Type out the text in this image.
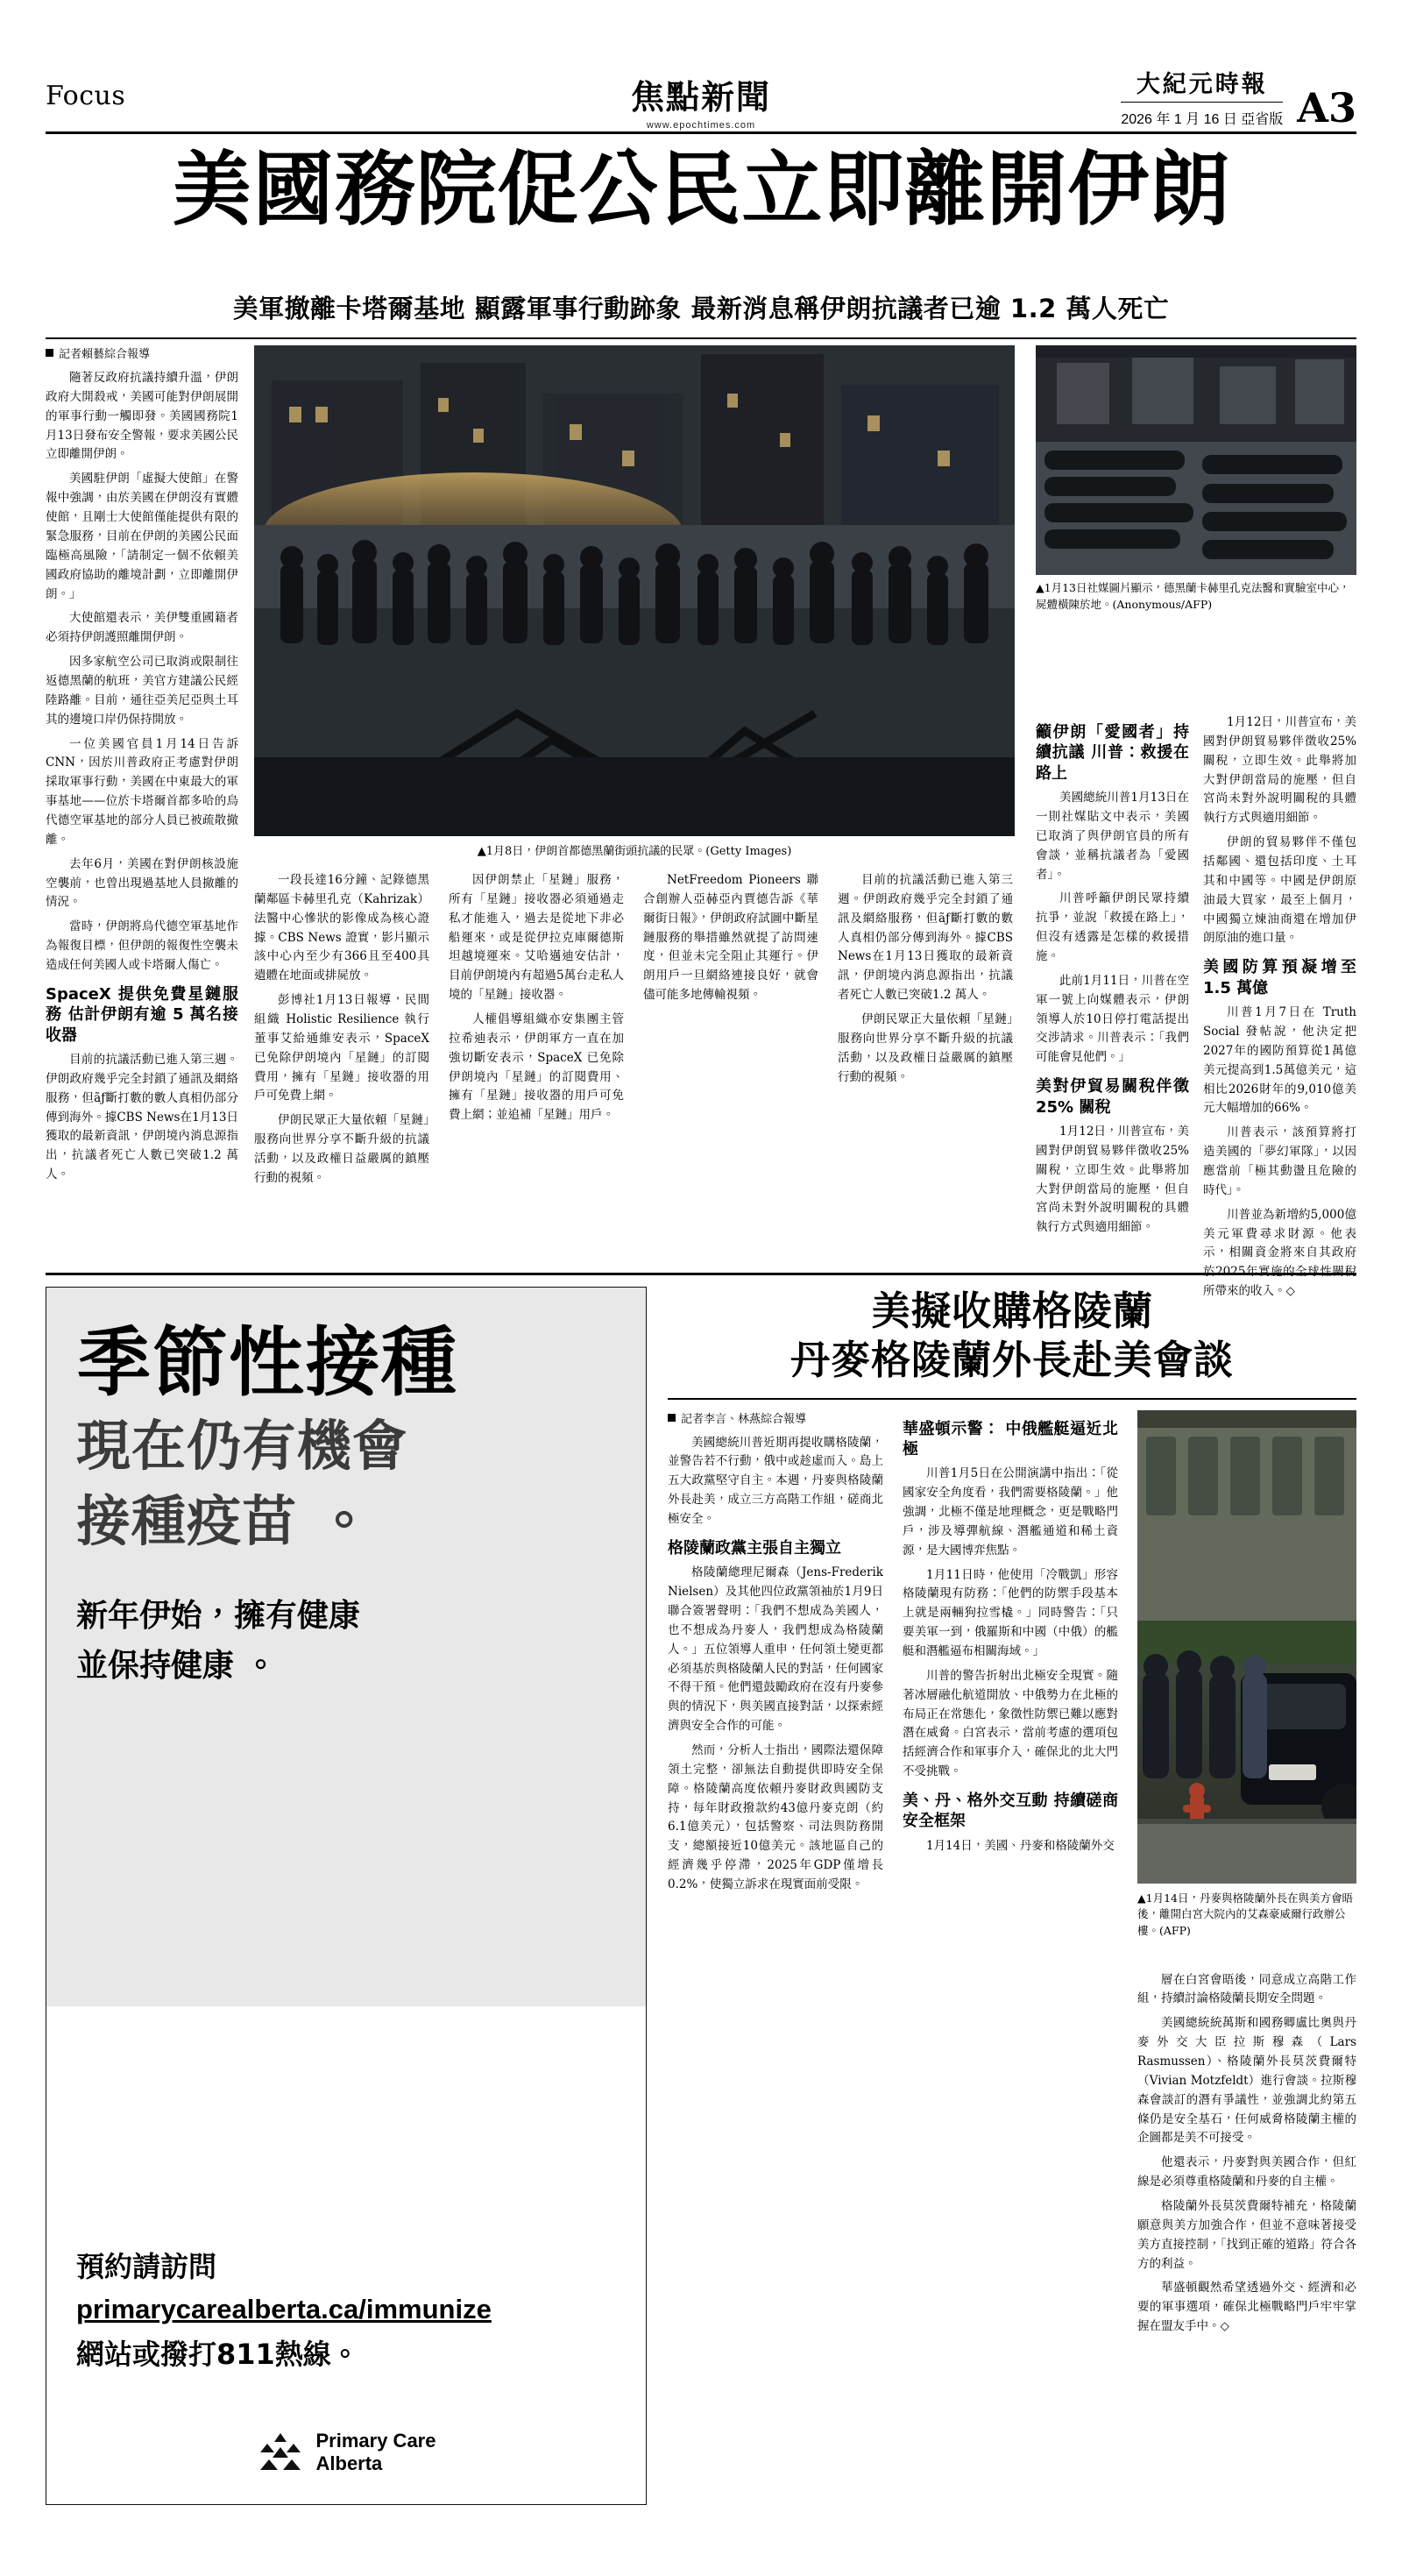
Focus	焦點新聞
www.epochtimes.com
大紀元時報
2026 年 1 月 16 日 亞省版 A3
美國務院促公民立即離開伊朗
美軍撤離卡塔爾基地 顯露軍事行動跡象 最新消息稱伊朗抗議者已逾 1.2 萬人死亡
記者賴藝綜合報導

隨著反政府抗議持續升溫，伊朗政府大開殺戒，美國可能對伊朗展開的軍事行動一觸即發。美國國務院1月13日發布安全警報，要求美國公民立即離開伊朗。

美國駐伊朗「虛擬大使館」在警報中強調，由於美國在伊朗沒有實體使館，且剛士大使館僅能提供有限的緊急服務，目前在伊朗的美國公民面臨極高風險，「請制定一個不依賴美國政府協助的離境計劃，立即離開伊朗。」

大使館還表示，美伊雙重國籍者必須持伊朗護照離開伊朗。

因多家航空公司已取消或限制往返德黑蘭的航班，美官方建議公民經陸路離。目前，通往亞美尼亞與土耳其的邊境口岸仍保持開放。

一位美國官員1月14日告訴CNN，因於川普政府正考慮對伊朗採取軍事行動，美國在中東最大的軍事基地——位於卡塔爾首都多哈的烏代德空軍基地的部分人員已被疏散撤離。

去年6月，美國在對伊朗核設施空襲前，也曾出現過基地人員撤離的情況。

當時，伊朗將烏代德空軍基地作為報復目標，但伊朗的報復性空襲未造成任何美國人或卡塔爾人傷亡。

SpaceX 提供免費星鏈服務 估計伊朗有逾 5 萬名接收器

目前的抗議活動已進入第三週。伊朗政府幾乎完全封鎖了通訊及網絡服務，但ãƒ斷打數的數人真相仍部分傳到海外。據CBS News在1月13日獲取的最新資訊，伊朗境內消息源指出，抗議者死亡人數已突破1.2 萬人。

▲1月8日，伊朗首都德黑蘭街頭抗議的民眾。(Getty Images)
▲1月13日社媒圖片顯示，德黑蘭卡赫里孔克法醫和實驗室中心，屍體橫陳於地。(Anonymous/AFP)

一段長達16分鐘、記錄德黑蘭鄰區卡赫里孔克（Kahrizak）法醫中心慘狀的影像成為核心證據。CBS News 證實，影片顯示該中心內至少有366且至400具遺體在地面或排屍放。

彭博社1月13日報導，民間組織 Holistic Resilience 執行董事艾給通維安表示，SpaceX 已免除伊朗境內「星鏈」的訂閱費用，擁有「星鏈」接收器的用戶可免費上網。

伊朗民眾正大量依賴「星鏈」服務向世界分享不斷升級的抗議活動，以及政權日益嚴厲的鎮壓行動的視頻。

因伊朗禁止「星鏈」服務，所有「星鏈」接收器必須通過走私才能進入，過去是從地下非必船運來，或是從伊拉克庫爾德斯坦越境運來。艾哈邁迪安估計，目前伊朗境內有超過5萬台走私人境的「星鏈」接收器。

人權倡導組織亦安集團主管拉希迪表示，伊朗軍方一直在加強切斷安表示，SpaceX 已免除伊朗境內「星鏈」的訂閱費用、擁有「星鏈」接收器的用戶可免費上網；並追補「星鏈」用戶。

NetFreedom Pioneers 聯合創辦人亞赫亞內賈德告訴《華爾街日報》，伊朗政府試圖中斷星鏈服務的舉措雖然就提了訪問速度，但並未完全阻止其運行。伊朗用戶一旦網絡連接良好，就會儘可能多地傳輸視頻。

目前的抗議活動已進入第三週。伊朗政府幾乎完全封鎖了通訊及網絡服務，但ãƒ斷打數的數人真相仍部分傳到海外。據CBS News在1月13日獲取的最新資訊，伊朗境內消息源指出，抗議者死亡人數已突破1.2 萬人。

伊朗民眾正大量依賴「星鏈」服務向世界分享不斷升級的抗議活動，以及政權日益嚴厲的鎮壓行動的視頻。

籲伊朗「愛國者」持續抗議 川普：救援在路上

美國總統川普1月13日在一則社媒貼文中表示，美國已取消了與伊朗官員的所有會談，並稱抗議者為「愛國者」。

川普呼籲伊朗民眾持續抗爭，並說「救援在路上」，但沒有透露是怎樣的救援措施。

此前1月11日，川普在空軍一號上向媒體表示，伊朗領導人於10日停打電話提出交涉請求。川普表示：「我們可能會見他們。」

美對伊貿易關稅伴徵 25% 關稅

1月12日，川普宣布，美國對伊朗貿易夥伴徵收25%關稅，立即生效。此舉將加大對伊朗當局的施壓，但自宮尚未對外說明關稅的具體執行方式與適用細節。

1月12日，川普宣布，美國對伊朗貿易夥伴徵收25%關稅，立即生效。此舉將加大對伊朗當局的施壓，但自宮尚未對外說明關稅的具體執行方式與適用細節。

伊朗的貿易夥伴不僅包括鄰國、還包括印度、土耳其和中國等。中國是伊朗原油最大買家，最至上個月，中國獨立煉油商還在增加伊朗原油的進口量。

美國防算預凝增至1.5 萬億

川普1月7日在 Truth Social 發帖說，他決定把2027年的國防預算從1萬億美元提高到1.5萬億美元，這相比2026財年的9,010億美元大幅增加的66%。

川普表示，該預算將打造美國的「夢幻軍隊」，以因應當前「極其動盪且危險的時代」。

川普並為新增約5,000億美元軍費尋求財源。他表示，相關資金將來自其政府於2025年實施的全球性關稅所帶來的收入。◇

季節性接種
現在仍有機會
接種疫苗 。
新年伊始，擁有健康
並保持健康 。
預約請訪問
primarycarealberta.ca/immunize
網站或撥打811熱線。
Primary Care
Alberta
美擬收購格陵蘭
丹麥格陵蘭外長赴美會談
記者李言、林燕綜合報導

美國總統川普近期再提收購格陵蘭，並警告若不行動，俄中或趁虛而入。島上五大政黨堅守自主。本週，丹麥與格陵蘭外長赴美，成立三方高階工作組，磋商北極安全。

格陵蘭政黨主張自主獨立

格陵蘭總理尼爾森（Jens-Frederik Nielsen）及其他四位政黨領袖於1月9日聯合簽署聲明：「我們不想成為美國人，也不想成為丹麥人，我們想成為格陵蘭人。」五位領導人重申，任何領土變更都必須基於與格陵蘭人民的對話，任何國家不得干預。他們還鼓勵政府在沒有丹麥參與的情況下，與美國直接對話，以探索經濟與安全合作的可能。

然而，分析人士指出，國際法還保障領土完整，卻無法自動提供即時安全保障。格陵蘭高度依賴丹麥財政與國防支持，每年財政撥款約43億丹麥克朗（約6.1億美元），包括警察、司法與防務開支，總額接近10億美元。該地區自己的經濟幾乎停滯，2025年GDP僅增長0.2%，使獨立訴求在現實面前受限。

華盛頓示警： 中俄艦艇逼近北極

川普1月5日在公開演講中指出：「從國家安全角度看，我們需要格陵蘭。」他強調，北極不僅是地理概念，更是戰略門戶，涉及導彈航線、潛艦通道和稀土資源，是大國博弈焦點。

1月11日時，他使用「冷戰凱」形容格陵蘭現有防務：「他們的防禦手段基本上就是兩輛狗拉雪橇。」同時警告：「只要美軍一到，俄羅斯和中國（中俄）的艦艇和潛艦逼布相關海域。」

川普的警告折射出北極安全現實。隨著冰層融化航道開放、中俄勢力在北極的布局正在常態化，象徵性防禦已難以應對潛在威脅。白宮表示，當前考慮的選項包括經濟合作和軍事介入，確保北的北大門不受挑戰。

美、丹、格外交互動 持續磋商安全框架

1月14日，美國、丹麥和格陵蘭外交

▲1月14日，丹麥與格陵蘭外長在與美方會晤後，離開白宮大院內的艾森豪威爾行政辦公樓。(AFP)

層在白宮會晤後，同意成立高階工作組，持續討論格陵蘭長期安全問題。

美國總統統萬斯和國務卿盧比奧與丹麥外交大臣拉斯穆森（Lars Rasmussen）、格陵蘭外長莫茨費爾特（Vivian Motzfeldt）進行會談。拉斯穆森會談訂的潛有爭議性，並強調北約第五條仍是安全基石，任何威脅格陵蘭主權的企圖都是美不可接受。

他還表示，丹麥對與美國合作，但紅線是必須尊重格陵蘭和丹麥的自主權。

格陵蘭外長莫茨費爾特補充，格陵蘭願意與美方加強合作，但並不意味著接受美方直接控制，「找到正確的道路」符合各方的利益。

華盛頓觀然希望透過外交、經濟和必要的軍事選項，確保北極戰略門戶牢牢掌握在盟友手中。◇
